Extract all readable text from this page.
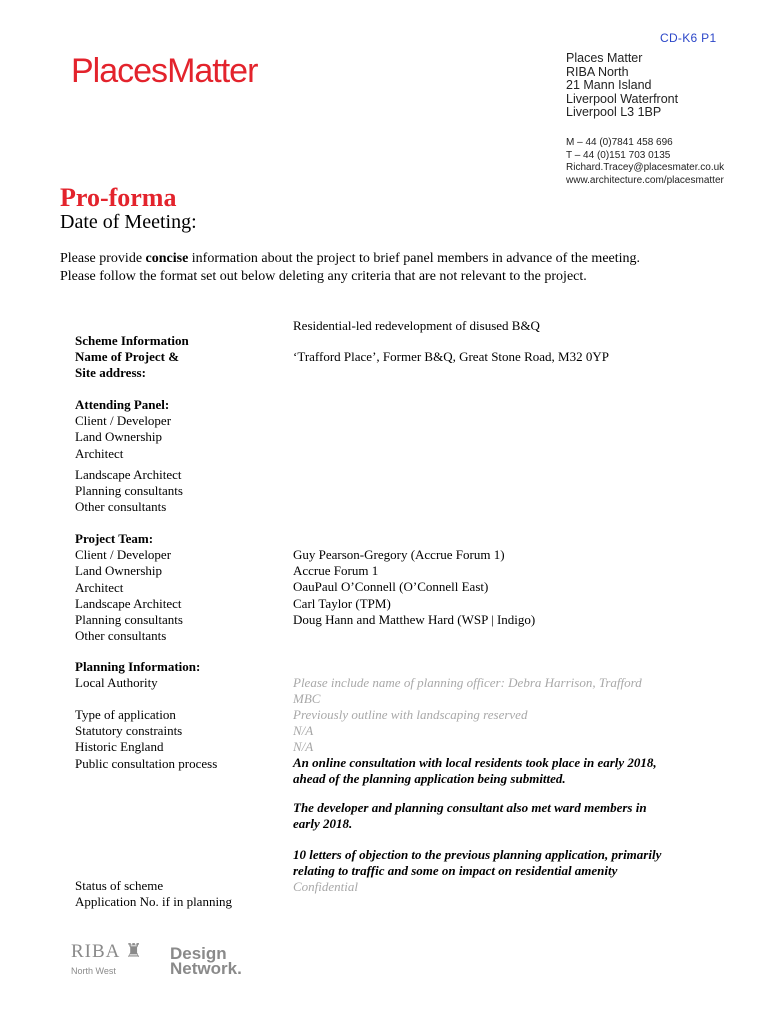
CD-K6 P1
PlacesMatter	Places Matter
RIBA North
21 Mann Island
Liverpool Waterfront
Liverpool L3 1BP
M – 44 (0)7841 458 696
T – 44 (0)151 703 0135
Richard.Tracey@placesmater.co.uk
www.architecture.com/placesmatter
Pro-forma
Date of Meeting:
Please provide concise information about the project to brief panel members in advance of the meeting. Please follow the format set out below deleting any criteria that are not relevant to the project.
Residential-led redevelopment of disused B&Q
Scheme Information
Name of Project &
Site address:
‘Trafford Place’, Former B&Q, Great Stone Road, M32 0YP
Attending Panel:
Client / Developer
Land Ownership
Architect
Landscape Architect
Planning consultants
Other consultants
Project Team:
Client / Developer
Land Ownership
Architect
Landscape Architect
Planning consultants
Other consultants
Guy Pearson-Gregory (Accrue Forum 1)
Accrue Forum 1
OauPaul O’Connell (O’Connell East)
Carl Taylor (TPM)
Doug Hann and Matthew Hard (WSP | Indigo)
Planning Information:
Local Authority	Please include name of planning officer: Debra Harrison, Trafford
MBC
Type of application
Statutory constraints
Historic England
Public consultation process
Previously outline with landscaping reserved
N/A
N/A
An online consultation with local residents took place in early 2018,
ahead of the planning application being submitted.
The developer and planning consultant also met ward members in
early 2018.
10 letters of objection to the previous planning application, primarily
relating to traffic and some on impact on residential amenity
Confidential
Status of scheme
Application No. if in planning
RIBA ♜
North West
Design
Network.
